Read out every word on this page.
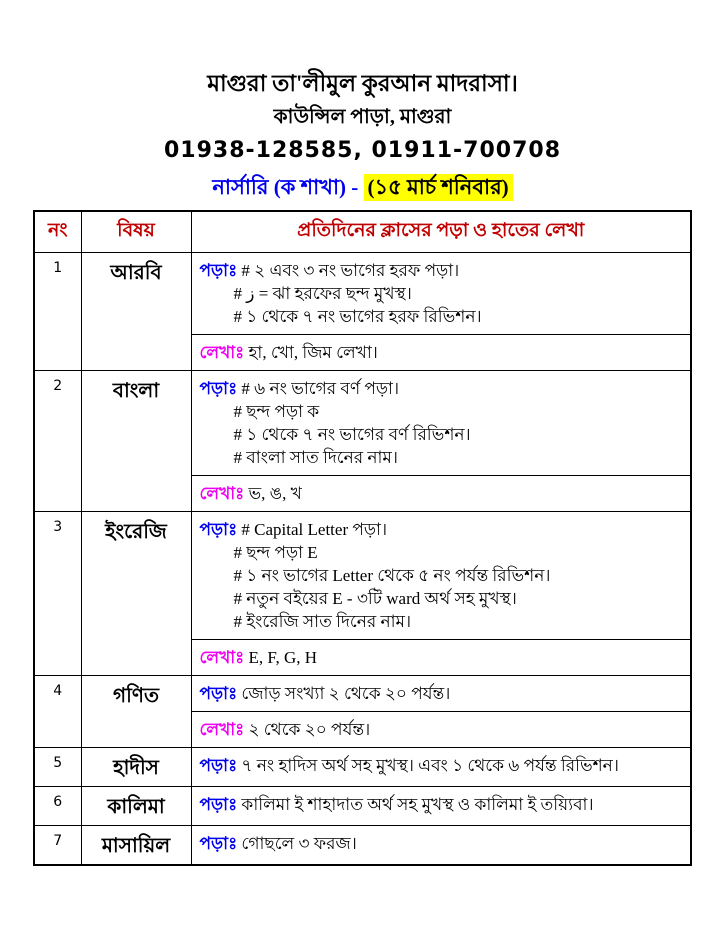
মাগুরা তা'লীমুল কুরআন মাদরাসা।
কাউন্সিল পাড়া, মাগুরা
01938-128585, 01911-700708
নার্সারি (ক শাখা) - (১৫ মার্চ শনিবার)
নং	বিষয়	প্রতিদিনের ক্লাসের পড়া ও হাতের লেখা
1	আরবি	পড়াঃ # ২ এবং ৩ নং ভাগের হরফ পড়া।
# ز = ঝা হরফের ছন্দ মুখস্থ।
# ১ থেকে ৭ নং ভাগের হরফ রিভিশন।
লেখাঃ হা, খো, জিম লেখা।

2	বাংলা	পড়াঃ # ৬ নং ভাগের বর্ণ পড়া।
# ছন্দ পড়া ক
# ১ থেকে ৭ নং ভাগের বর্ণ রিভিশন।
# বাংলা সাত দিনের নাম।
লেখাঃ ভ, ঙ, খ

3	ইংরেজি	পড়াঃ # Capital Letter পড়া।
# ছন্দ পড়া E
# ১ নং ভাগের Letter থেকে ৫ নং পর্যন্ত রিভিশন।
# নতুন বইয়ের E - ৩টি ward অর্থ সহ মুখস্থ।
# ইংরেজি সাত দিনের নাম।
লেখাঃ E, F, G, H

4	গণিত	পড়াঃ জোড় সংখ্যা ২ থেকে ২০ পর্যন্ত।
লেখাঃ ২ থেকে ২০ পর্যন্ত।

5	হাদীস	পড়াঃ ৭ নং হাদিস অর্থ সহ মুখস্থ। এবং ১ থেকে ৬ পর্যন্ত রিভিশন।

6	কালিমা	পড়াঃ কালিমা ই শাহাদাত অর্থ সহ মুখস্থ ও কালিমা ই তয়্যিবা।

7	মাসায়িল	পড়াঃ গোছলে ৩ ফরজ।
